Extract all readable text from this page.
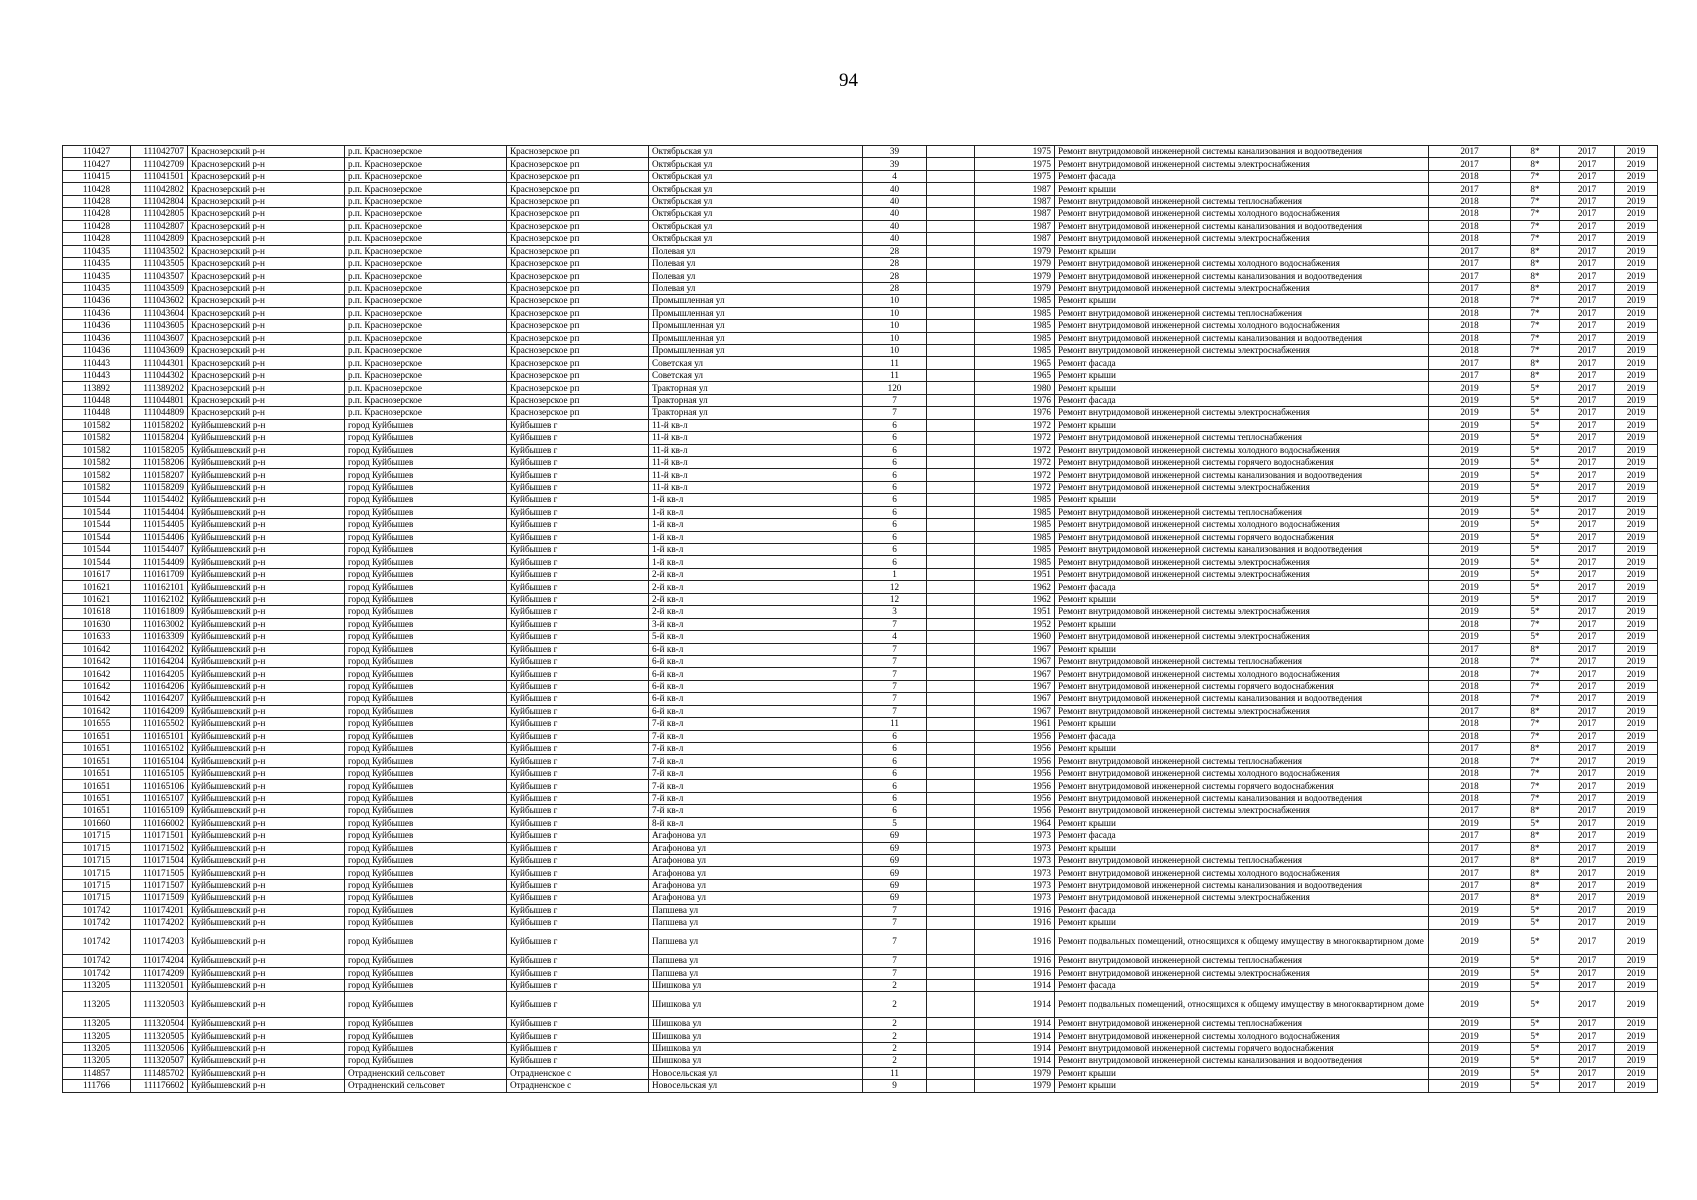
94
110427	111042707	Краснозерский р-н	р.п. Краснозерское	Краснозерское рп	Октябрьская ул	39		1975	Ремонт внутридомовой инженерной системы канализования и водоотведения	2017	8*	2017	2019
110427	111042709	Краснозерский р-н	р.п. Краснозерское	Краснозерское рп	Октябрьская ул	39		1975	Ремонт внутридомовой инженерной системы электроснабжения	2017	8*	2017	2019
110415	111041501	Краснозерский р-н	р.п. Краснозерское	Краснозерское рп	Октябрьская ул	4		1975	Ремонт фасада	2018	7*	2017	2019
110428	111042802	Краснозерский р-н	р.п. Краснозерское	Краснозерское рп	Октябрьская ул	40		1987	Ремонт крыши	2017	8*	2017	2019
110428	111042804	Краснозерский р-н	р.п. Краснозерское	Краснозерское рп	Октябрьская ул	40		1987	Ремонт внутридомовой инженерной системы теплоснабжения	2018	7*	2017	2019
110428	111042805	Краснозерский р-н	р.п. Краснозерское	Краснозерское рп	Октябрьская ул	40		1987	Ремонт внутридомовой инженерной системы холодного водоснабжения	2018	7*	2017	2019
110428	111042807	Краснозерский р-н	р.п. Краснозерское	Краснозерское рп	Октябрьская ул	40		1987	Ремонт внутридомовой инженерной системы канализования и водоотведения	2018	7*	2017	2019
110428	111042809	Краснозерский р-н	р.п. Краснозерское	Краснозерское рп	Октябрьская ул	40		1987	Ремонт внутридомовой инженерной системы электроснабжения	2018	7*	2017	2019
110435	111043502	Краснозерский р-н	р.п. Краснозерское	Краснозерское рп	Полевая ул	28		1979	Ремонт крыши	2017	8*	2017	2019
110435	111043505	Краснозерский р-н	р.п. Краснозерское	Краснозерское рп	Полевая ул	28		1979	Ремонт внутридомовой инженерной системы холодного водоснабжения	2017	8*	2017	2019
110435	111043507	Краснозерский р-н	р.п. Краснозерское	Краснозерское рп	Полевая ул	28		1979	Ремонт внутридомовой инженерной системы канализования и водоотведения	2017	8*	2017	2019
110435	111043509	Краснозерский р-н	р.п. Краснозерское	Краснозерское рп	Полевая ул	28		1979	Ремонт внутридомовой инженерной системы электроснабжения	2017	8*	2017	2019
110436	111043602	Краснозерский р-н	р.п. Краснозерское	Краснозерское рп	Промышленная ул	10		1985	Ремонт крыши	2018	7*	2017	2019
110436	111043604	Краснозерский р-н	р.п. Краснозерское	Краснозерское рп	Промышленная ул	10		1985	Ремонт внутридомовой инженерной системы теплоснабжения	2018	7*	2017	2019
110436	111043605	Краснозерский р-н	р.п. Краснозерское	Краснозерское рп	Промышленная ул	10		1985	Ремонт внутридомовой инженерной системы холодного водоснабжения	2018	7*	2017	2019
110436	111043607	Краснозерский р-н	р.п. Краснозерское	Краснозерское рп	Промышленная ул	10		1985	Ремонт внутридомовой инженерной системы канализования и водоотведения	2018	7*	2017	2019
110436	111043609	Краснозерский р-н	р.п. Краснозерское	Краснозерское рп	Промышленная ул	10		1985	Ремонт внутридомовой инженерной системы электроснабжения	2018	7*	2017	2019
110443	111044301	Краснозерский р-н	р.п. Краснозерское	Краснозерское рп	Советская ул	11		1965	Ремонт фасада	2017	8*	2017	2019
110443	111044302	Краснозерский р-н	р.п. Краснозерское	Краснозерское рп	Советская ул	11		1965	Ремонт крыши	2017	8*	2017	2019
113892	111389202	Краснозерский р-н	р.п. Краснозерское	Краснозерское рп	Тракторная ул	120		1980	Ремонт крыши	2019	5*	2017	2019
110448	111044801	Краснозерский р-н	р.п. Краснозерское	Краснозерское рп	Тракторная ул	7		1976	Ремонт фасада	2019	5*	2017	2019
110448	111044809	Краснозерский р-н	р.п. Краснозерское	Краснозерское рп	Тракторная ул	7		1976	Ремонт внутридомовой инженерной системы электроснабжения	2019	5*	2017	2019
101582	110158202	Куйбышевский р-н	город Куйбышев	Куйбышев г	11-й кв-л	6		1972	Ремонт крыши	2019	5*	2017	2019
101582	110158204	Куйбышевский р-н	город Куйбышев	Куйбышев г	11-й кв-л	6		1972	Ремонт внутридомовой инженерной системы теплоснабжения	2019	5*	2017	2019
101582	110158205	Куйбышевский р-н	город Куйбышев	Куйбышев г	11-й кв-л	6		1972	Ремонт внутридомовой инженерной системы холодного водоснабжения	2019	5*	2017	2019
101582	110158206	Куйбышевский р-н	город Куйбышев	Куйбышев г	11-й кв-л	6		1972	Ремонт внутридомовой инженерной системы горячего водоснабжения	2019	5*	2017	2019
101582	110158207	Куйбышевский р-н	город Куйбышев	Куйбышев г	11-й кв-л	6		1972	Ремонт внутридомовой инженерной системы канализования и водоотведения	2019	5*	2017	2019
101582	110158209	Куйбышевский р-н	город Куйбышев	Куйбышев г	11-й кв-л	6		1972	Ремонт внутридомовой инженерной системы электроснабжения	2019	5*	2017	2019
101544	110154402	Куйбышевский р-н	город Куйбышев	Куйбышев г	1-й кв-л	6		1985	Ремонт крыши	2019	5*	2017	2019
101544	110154404	Куйбышевский р-н	город Куйбышев	Куйбышев г	1-й кв-л	6		1985	Ремонт внутридомовой инженерной системы теплоснабжения	2019	5*	2017	2019
101544	110154405	Куйбышевский р-н	город Куйбышев	Куйбышев г	1-й кв-л	6		1985	Ремонт внутридомовой инженерной системы холодного водоснабжения	2019	5*	2017	2019
101544	110154406	Куйбышевский р-н	город Куйбышев	Куйбышев г	1-й кв-л	6		1985	Ремонт внутридомовой инженерной системы горячего водоснабжения	2019	5*	2017	2019
101544	110154407	Куйбышевский р-н	город Куйбышев	Куйбышев г	1-й кв-л	6		1985	Ремонт внутридомовой инженерной системы канализования и водоотведения	2019	5*	2017	2019
101544	110154409	Куйбышевский р-н	город Куйбышев	Куйбышев г	1-й кв-л	6		1985	Ремонт внутридомовой инженерной системы электроснабжения	2019	5*	2017	2019
101617	110161709	Куйбышевский р-н	город Куйбышев	Куйбышев г	2-й кв-л	1		1951	Ремонт внутридомовой инженерной системы электроснабжения	2019	5*	2017	2019
101621	110162101	Куйбышевский р-н	город Куйбышев	Куйбышев г	2-й кв-л	12		1962	Ремонт фасада	2019	5*	2017	2019
101621	110162102	Куйбышевский р-н	город Куйбышев	Куйбышев г	2-й кв-л	12		1962	Ремонт крыши	2019	5*	2017	2019
101618	110161809	Куйбышевский р-н	город Куйбышев	Куйбышев г	2-й кв-л	3		1951	Ремонт внутридомовой инженерной системы электроснабжения	2019	5*	2017	2019
101630	110163002	Куйбышевский р-н	город Куйбышев	Куйбышев г	3-й кв-л	7		1952	Ремонт крыши	2018	7*	2017	2019
101633	110163309	Куйбышевский р-н	город Куйбышев	Куйбышев г	5-й кв-л	4		1960	Ремонт внутридомовой инженерной системы электроснабжения	2019	5*	2017	2019
101642	110164202	Куйбышевский р-н	город Куйбышев	Куйбышев г	6-й кв-л	7		1967	Ремонт крыши	2017	8*	2017	2019
101642	110164204	Куйбышевский р-н	город Куйбышев	Куйбышев г	6-й кв-л	7		1967	Ремонт внутридомовой инженерной системы теплоснабжения	2018	7*	2017	2019
101642	110164205	Куйбышевский р-н	город Куйбышев	Куйбышев г	6-й кв-л	7		1967	Ремонт внутридомовой инженерной системы холодного водоснабжения	2018	7*	2017	2019
101642	110164206	Куйбышевский р-н	город Куйбышев	Куйбышев г	6-й кв-л	7		1967	Ремонт внутридомовой инженерной системы горячего водоснабжения	2018	7*	2017	2019
101642	110164207	Куйбышевский р-н	город Куйбышев	Куйбышев г	6-й кв-л	7		1967	Ремонт внутридомовой инженерной системы канализования и водоотведения	2018	7*	2017	2019
101642	110164209	Куйбышевский р-н	город Куйбышев	Куйбышев г	6-й кв-л	7		1967	Ремонт внутридомовой инженерной системы электроснабжения	2017	8*	2017	2019
101655	110165502	Куйбышевский р-н	город Куйбышев	Куйбышев г	7-й кв-л	11		1961	Ремонт крыши	2018	7*	2017	2019
101651	110165101	Куйбышевский р-н	город Куйбышев	Куйбышев г	7-й кв-л	6		1956	Ремонт фасада	2018	7*	2017	2019
101651	110165102	Куйбышевский р-н	город Куйбышев	Куйбышев г	7-й кв-л	6		1956	Ремонт крыши	2017	8*	2017	2019
101651	110165104	Куйбышевский р-н	город Куйбышев	Куйбышев г	7-й кв-л	6		1956	Ремонт внутридомовой инженерной системы теплоснабжения	2018	7*	2017	2019
101651	110165105	Куйбышевский р-н	город Куйбышев	Куйбышев г	7-й кв-л	6		1956	Ремонт внутридомовой инженерной системы холодного водоснабжения	2018	7*	2017	2019
101651	110165106	Куйбышевский р-н	город Куйбышев	Куйбышев г	7-й кв-л	6		1956	Ремонт внутридомовой инженерной системы горячего водоснабжения	2018	7*	2017	2019
101651	110165107	Куйбышевский р-н	город Куйбышев	Куйбышев г	7-й кв-л	6		1956	Ремонт внутридомовой инженерной системы канализования и водоотведения	2018	7*	2017	2019
101651	110165109	Куйбышевский р-н	город Куйбышев	Куйбышев г	7-й кв-л	6		1956	Ремонт внутридомовой инженерной системы электроснабжения	2017	8*	2017	2019
101660	110166002	Куйбышевский р-н	город Куйбышев	Куйбышев г	8-й кв-л	5		1964	Ремонт крыши	2019	5*	2017	2019
101715	110171501	Куйбышевский р-н	город Куйбышев	Куйбышев г	Агафонова ул	69		1973	Ремонт фасада	2017	8*	2017	2019
101715	110171502	Куйбышевский р-н	город Куйбышев	Куйбышев г	Агафонова ул	69		1973	Ремонт крыши	2017	8*	2017	2019
101715	110171504	Куйбышевский р-н	город Куйбышев	Куйбышев г	Агафонова ул	69		1973	Ремонт внутридомовой инженерной системы теплоснабжения	2017	8*	2017	2019
101715	110171505	Куйбышевский р-н	город Куйбышев	Куйбышев г	Агафонова ул	69		1973	Ремонт внутридомовой инженерной системы холодного водоснабжения	2017	8*	2017	2019
101715	110171507	Куйбышевский р-н	город Куйбышев	Куйбышев г	Агафонова ул	69		1973	Ремонт внутридомовой инженерной системы канализования и водоотведения	2017	8*	2017	2019
101715	110171509	Куйбышевский р-н	город Куйбышев	Куйбышев г	Агафонова ул	69		1973	Ремонт внутридомовой инженерной системы электроснабжения	2017	8*	2017	2019
101742	110174201	Куйбышевский р-н	город Куйбышев	Куйбышев г	Папшева ул	7		1916	Ремонт фасада	2019	5*	2017	2019
101742	110174202	Куйбышевский р-н	город Куйбышев	Куйбышев г	Папшева ул	7		1916	Ремонт крыши	2019	5*	2017	2019
101742	110174203	Куйбышевский р-н	город Куйбышев	Куйбышев г	Папшева ул	7		1916	Ремонт подвальных помещений, относящихся к общему имуществу в многоквартирном доме	2019	5*	2017	2019
101742	110174204	Куйбышевский р-н	город Куйбышев	Куйбышев г	Папшева ул	7		1916	Ремонт внутридомовой инженерной системы теплоснабжения	2019	5*	2017	2019
101742	110174209	Куйбышевский р-н	город Куйбышев	Куйбышев г	Папшева ул	7		1916	Ремонт внутридомовой инженерной системы электроснабжения	2019	5*	2017	2019
113205	111320501	Куйбышевский р-н	город Куйбышев	Куйбышев г	Шишкова ул	2		1914	Ремонт фасада	2019	5*	2017	2019
113205	111320503	Куйбышевский р-н	город Куйбышев	Куйбышев г	Шишкова ул	2		1914	Ремонт подвальных помещений, относящихся к общему имуществу в многоквартирном доме	2019	5*	2017	2019
113205	111320504	Куйбышевский р-н	город Куйбышев	Куйбышев г	Шишкова ул	2		1914	Ремонт внутридомовой инженерной системы теплоснабжения	2019	5*	2017	2019
113205	111320505	Куйбышевский р-н	город Куйбышев	Куйбышев г	Шишкова ул	2		1914	Ремонт внутридомовой инженерной системы холодного водоснабжения	2019	5*	2017	2019
113205	111320506	Куйбышевский р-н	город Куйбышев	Куйбышев г	Шишкова ул	2		1914	Ремонт внутридомовой инженерной системы горячего водоснабжения	2019	5*	2017	2019
113205	111320507	Куйбышевский р-н	город Куйбышев	Куйбышев г	Шишкова ул	2		1914	Ремонт внутридомовой инженерной системы канализования и водоотведения	2019	5*	2017	2019
114857	111485702	Куйбышевский р-н	Отрадненский сельсовет	Отрадненское с	Новосельская ул	11		1979	Ремонт крыши	2019	5*	2017	2019
111766	111176602	Куйбышевский р-н	Отрадненский сельсовет	Отрадненское с	Новосельская ул	9		1979	Ремонт крыши	2019	5*	2017	2019
